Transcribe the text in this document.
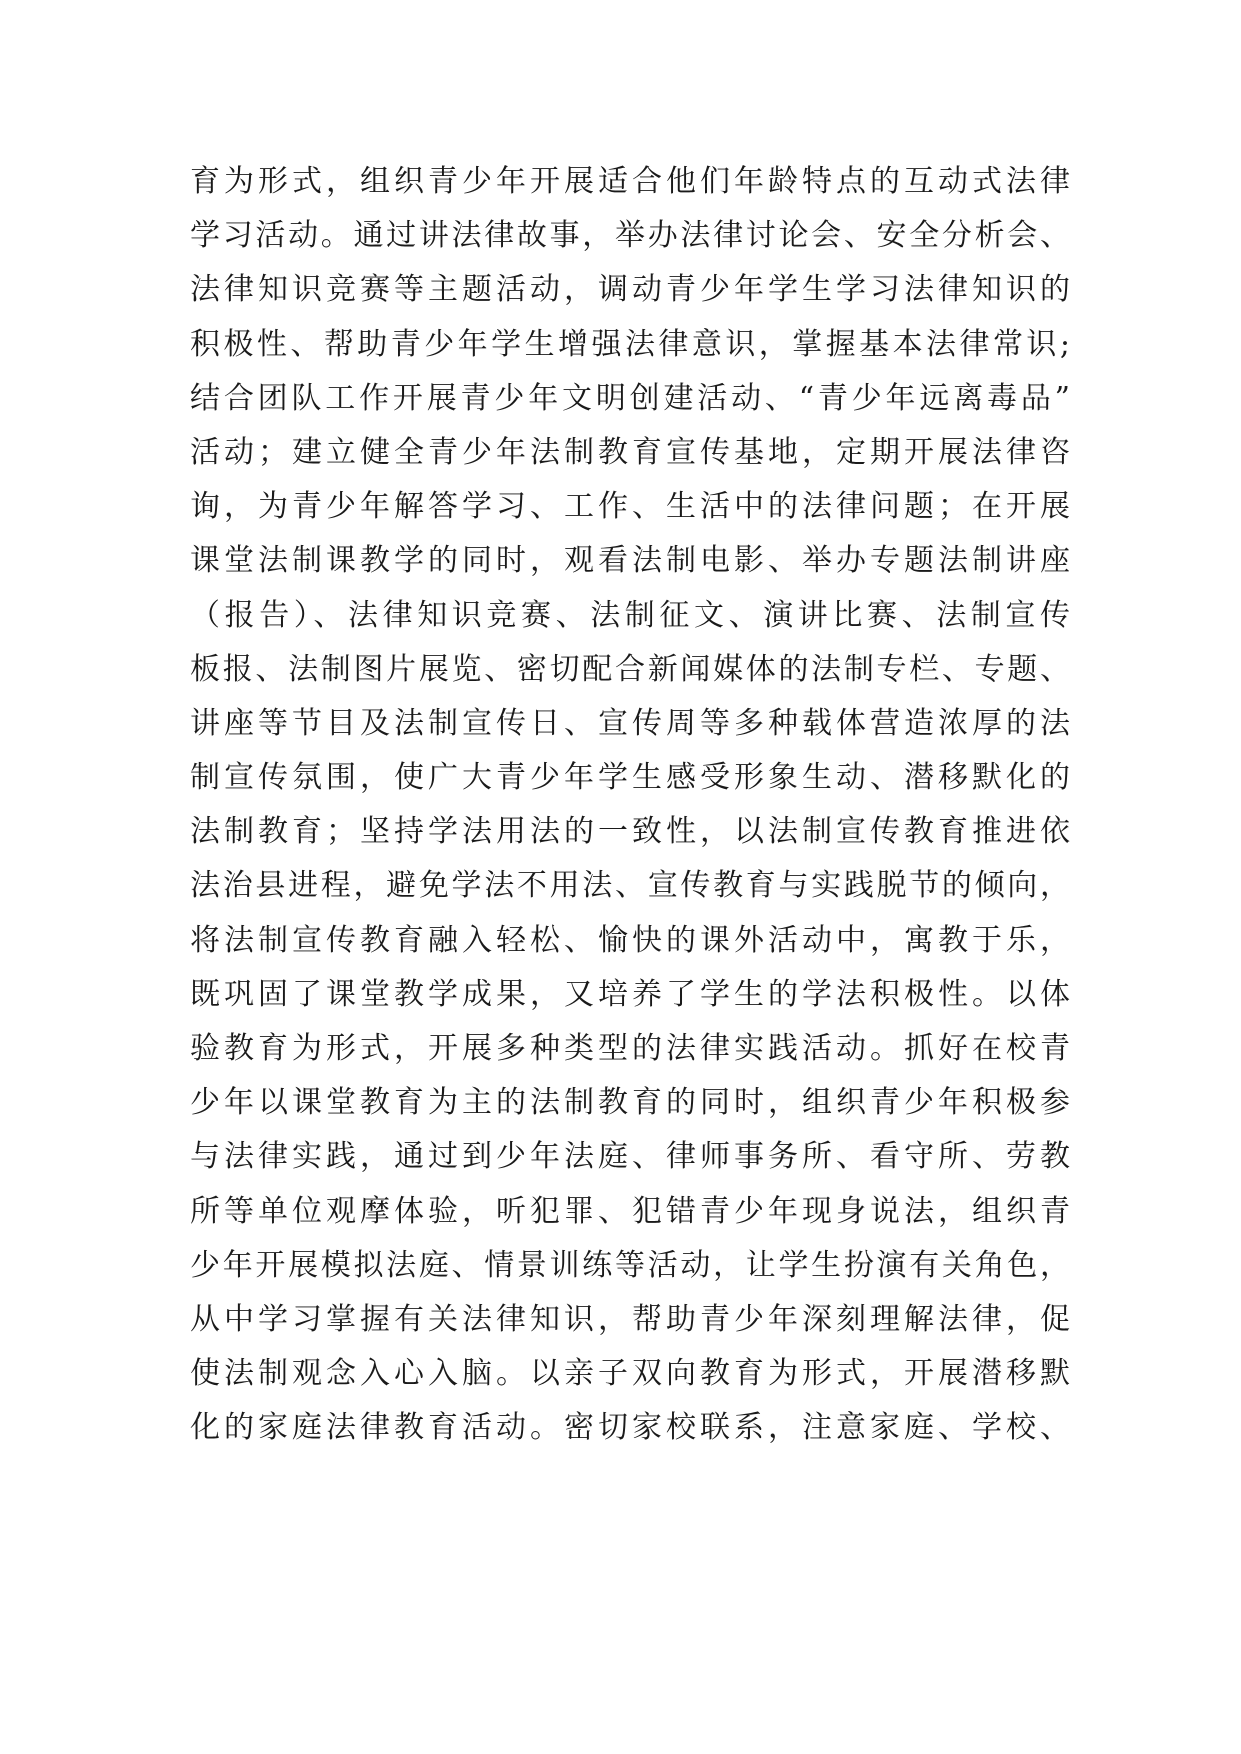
育为形式，组织青少年开展适合他们年龄特点的互动式法律
学习活动。通过讲法律故事，举办法律讨论会、安全分析会、
法律知识竞赛等主题活动，调动青少年学生学习法律知识的
积极性、帮助青少年学生增强法律意识，掌握基本法律常识;
结合团队工作开展青少年文明创建活动、“青少年远离毒品”
活动；建立健全青少年法制教育宣传基地，定期开展法律咨
询，为青少年解答学习、工作、生活中的法律问题；在开展
课堂法制课教学的同时，观看法制电影、举办专题法制讲座
（报告）、法律知识竞赛、法制征文、演讲比赛、法制宣传
板报、法制图片展览、密切配合新闻媒体的法制专栏、专题、
讲座等节目及法制宣传日、宣传周等多种载体营造浓厚的法
制宣传氛围，使广大青少年学生感受形象生动、潜移默化的
法制教育；坚持学法用法的一致性，以法制宣传教育推进依
法治县进程，避免学法不用法、宣传教育与实践脱节的倾向，
将法制宣传教育融入轻松、愉快的课外活动中，寓教于乐，
既巩固了课堂教学成果，又培养了学生的学法积极性。以体
验教育为形式，开展多种类型的法律实践活动。抓好在校青
少年以课堂教育为主的法制教育的同时，组织青少年积极参
与法律实践，通过到少年法庭、律师事务所、看守所、劳教
所等单位观摩体验，听犯罪、犯错青少年现身说法，组织青
少年开展模拟法庭、情景训练等活动，让学生扮演有关角色，
从中学习掌握有关法律知识，帮助青少年深刻理解法律，促
使法制观念入心入脑。以亲子双向教育为形式，开展潜移默
化的家庭法律教育活动。密切家校联系，注意家庭、学校、
